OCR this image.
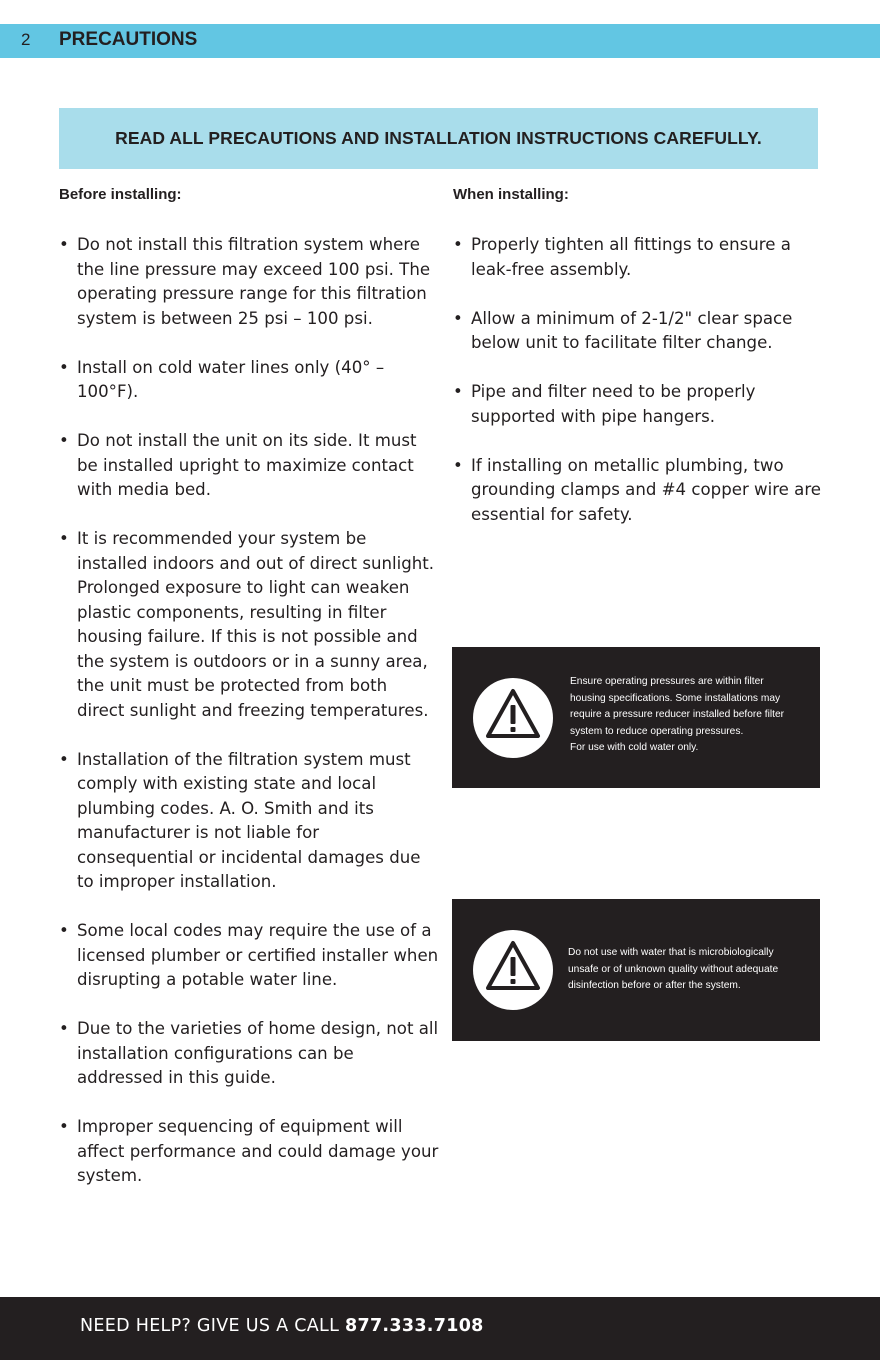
2 PRECAUTIONS
READ ALL PRECAUTIONS AND INSTALLATION INSTRUCTIONS CAREFULLY.
Before installing:	When installing:
• Do not install this filtration system where the line pressure may exceed 100 psi. The operating pressure range for this filtration system is between 25 psi – 100 psi.
• Install on cold water lines only (40° – 100°F).
• Do not install the unit on its side. It must be installed upright to maximize contact with media bed.
• It is recommended your system be installed indoors and out of direct sunlight. Prolonged exposure to light can weaken plastic components, resulting in filter housing failure. If this is not possible and the system is outdoors or in a sunny area, the unit must be protected from both direct sunlight and freezing temperatures.
• Installation of the filtration system must comply with existing state and local plumbing codes. A. O. Smith and its manufacturer is not liable for consequential or incidental damages due to improper installation.
• Some local codes may require the use of a licensed plumber or certified installer when disrupting a potable water line.
• Due to the varieties of home design, not all installation configurations can be addressed in this guide.
• Improper sequencing of equipment will affect performance and could damage your system.
• Properly tighten all fittings to ensure a leak-free assembly.
• Allow a minimum of 2-1/2" clear space below unit to facilitate filter change.
• Pipe and filter need to be properly supported with pipe hangers.
• If installing on metallic plumbing, two grounding clamps and #4 copper wire are essential for safety.
Ensure operating pressures are within filter
housing specifications. Some installations may
require a pressure reducer installed before filter
system to reduce operating pressures.
For use with cold water only.
Do not use with water that is microbiologically
unsafe or of unknown quality without adequate
disinfection before or after the system.
NEED HELP? GIVE US A CALL 877.333.7108
